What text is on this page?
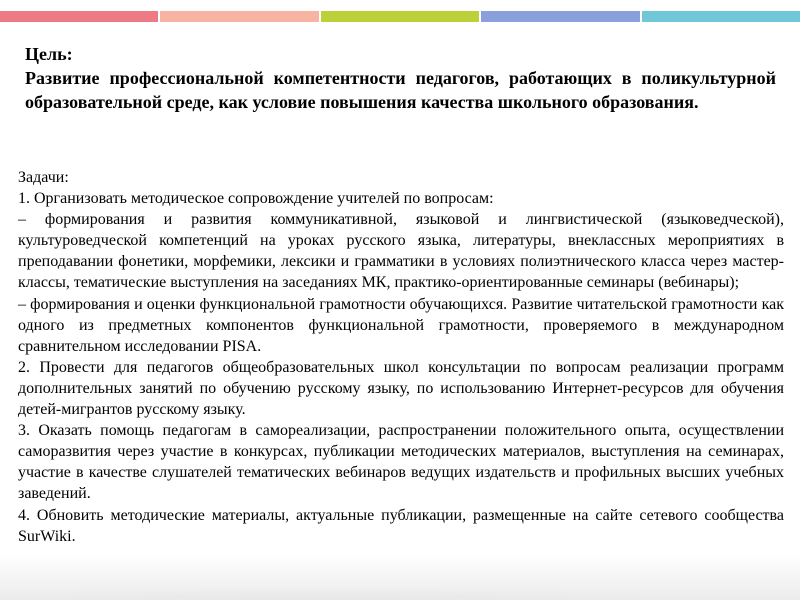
Цель:
Развитие профессиональной компетентности педагогов, работающих в поликультурной образовательной среде, как условие повышения качества школьного образования.

Задачи:

1. Организовать методическое сопровождение учителей по вопросам:

– формирования и развития коммуникативной, языковой и лингвистической (языковедческой), культуроведческой компетенций на уроках русского языка, литературы, внеклассных мероприятиях в преподавании фонетики, морфемики, лексики и грамматики в условиях полиэтнического класса через мастер-классы, тематические выступления на заседаниях МК, практико-ориентированные семинары (вебинары);

– формирования и оценки функциональной грамотности обучающихся. Развитие читательской грамотности как одного из предметных компонентов функциональной грамотности, проверяемого в международном сравнительном исследовании PISA.

2. Провести для педагогов общеобразовательных школ консультации по вопросам реализации программ дополнительных занятий по обучению русскому языку, по использованию Интернет-ресурсов для обучения детей-мигрантов русскому языку.

3. Оказать помощь педагогам в самореализации, распространении положительного опыта, осуществлении саморазвития через участие в конкурсах, публикации методических материалов, выступления на семинарах, участие в качестве слушателей тематических вебинаров ведущих издательств и профильных высших учебных заведений.

4. Обновить методические материалы, актуальные публикации, размещенные на сайте сетевого сообщества SurWiki.
